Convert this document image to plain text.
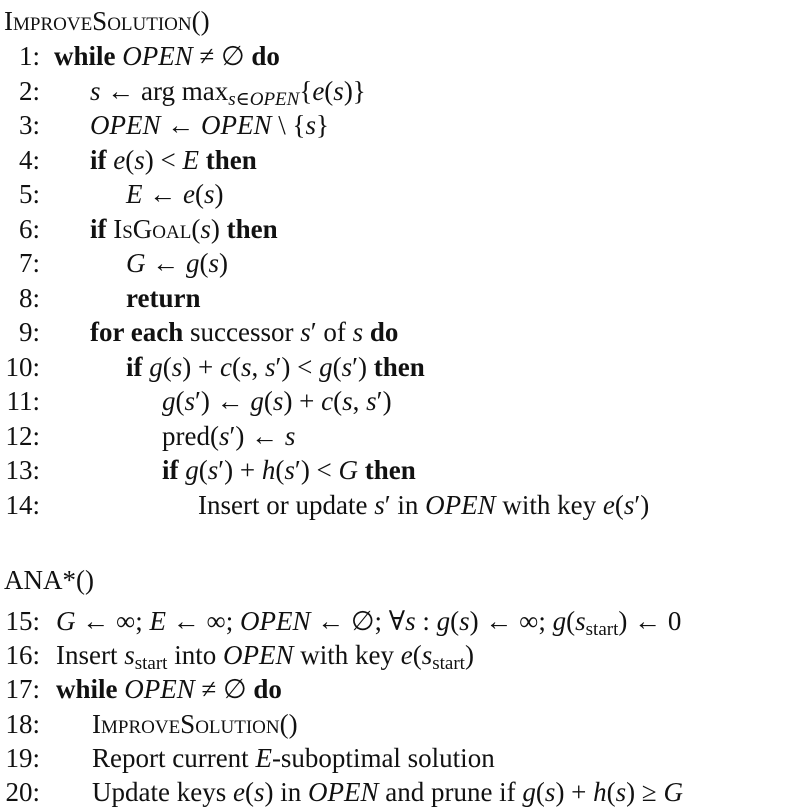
ImproveSolution()
1: while OPEN ≠ ∅ do
2: s ← arg $\max_{s\in OPEN}\{e(s)\}$
3: OPEN ← OPEN \ {s}
4: if e(s) < E then
5:	E ← e(s)
6: if IsGoal(s) then
7:	G ← g(s)
8:	return
9: for each successor s′ of s do
10:	if g(s) + c(s, s′) < g(s′) then
11:	g(s′) ← g(s) + c(s, s′)
12:	pred(s′) ← s
13:	if g(s′) + h(s′) < G then
14:	Insert or update s′ in OPEN with key e(s′)
ANA*()
15: G ← ∞; E ← ∞; OPEN ← ∅; ∀s : g(s) ← ∞; $g(s_{start})$ ← 0
16: Insert $s_{start}$ into OPEN with key $e(s_{start})$
17: while OPEN ≠ ∅ do
18: ImproveSolution()
19: Report current E-suboptimal solution
20: Update keys e(s) in OPEN and prune if g(s) + h(s) ≥ G
